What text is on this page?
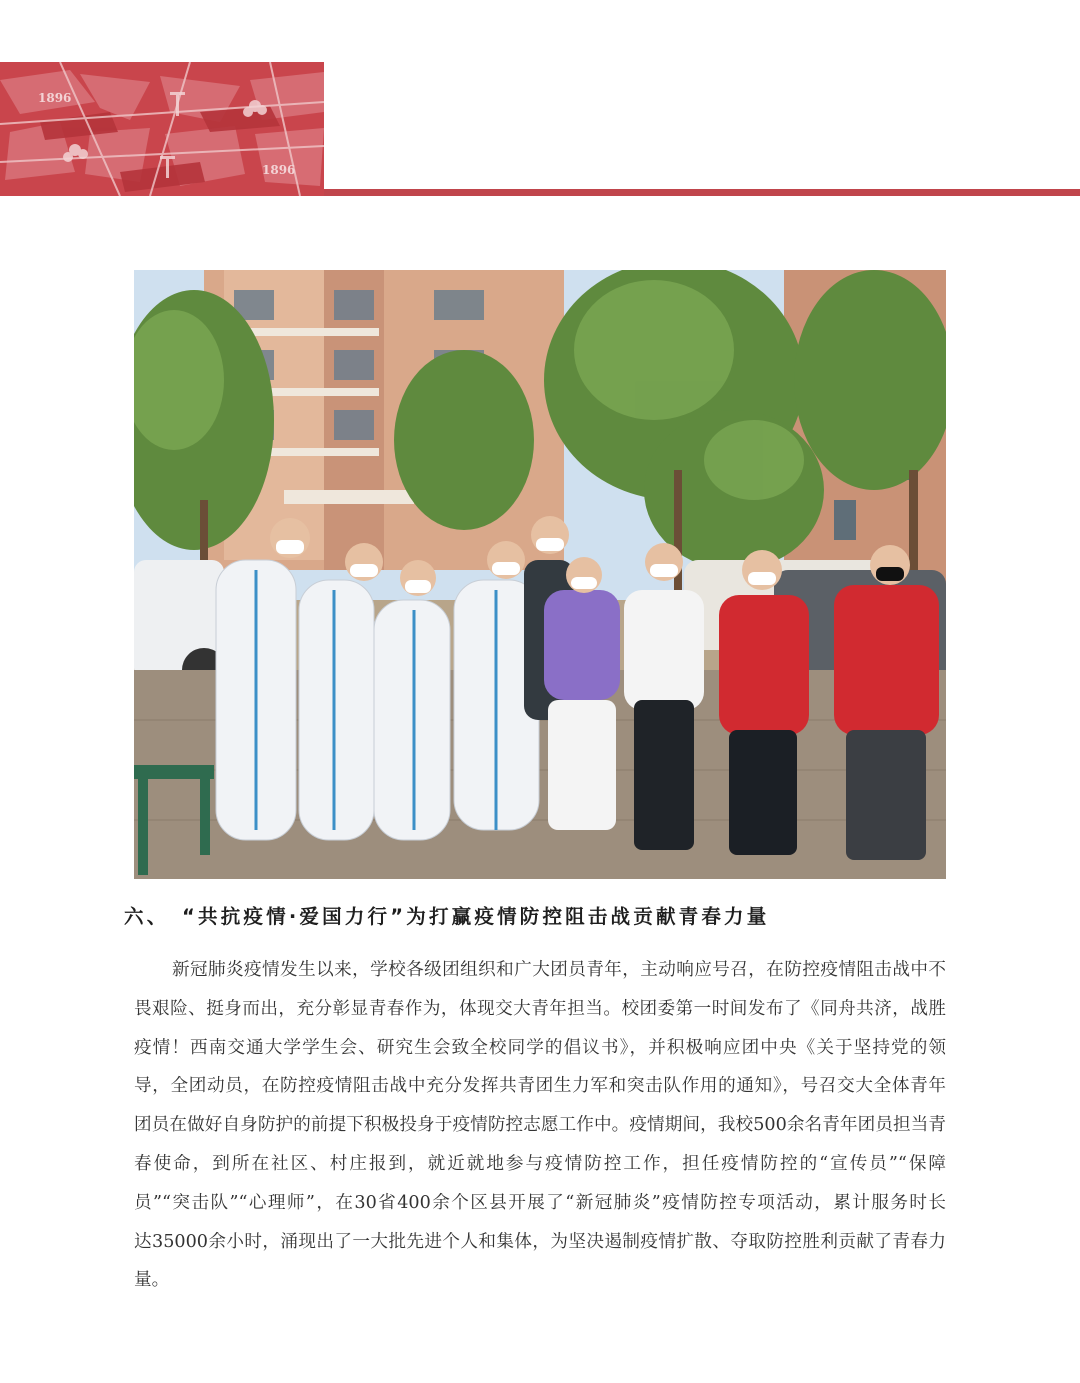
1896
1896
六、 “共抗疫情·爱国力行”为打赢疫情防控阻击战贡献青春力量
新冠肺炎疫情发生以来，学校各级团组织和广大团员青年，主动响应号召，在防控疫情阻击战中不
畏艰险、挺身而出，充分彰显青春作为，体现交大青年担当。校团委第一时间发布了《同舟共济，战胜
疫情！西南交通大学学生会、研究生会致全校同学的倡议书》，并积极响应团中央《关于坚持党的领
导，全团动员，在防控疫情阻击战中充分发挥共青团生力军和突击队作用的通知》，号召交大全体青年
团员在做好自身防护的前提下积极投身于疫情防控志愿工作中。疫情期间，我校500余名青年团员担当青
春使命，到所在社区、村庄报到，就近就地参与疫情防控工作，担任疫情防控的“宣传员”“保障
员”“突击队”“心理师”，在30省400余个区县开展了“新冠肺炎”疫情防控专项活动，累计服务时长
达35000余小时，涌现出了一大批先进个人和集体，为坚决遏制疫情扩散、夺取防控胜利贡献了青春力
量。
